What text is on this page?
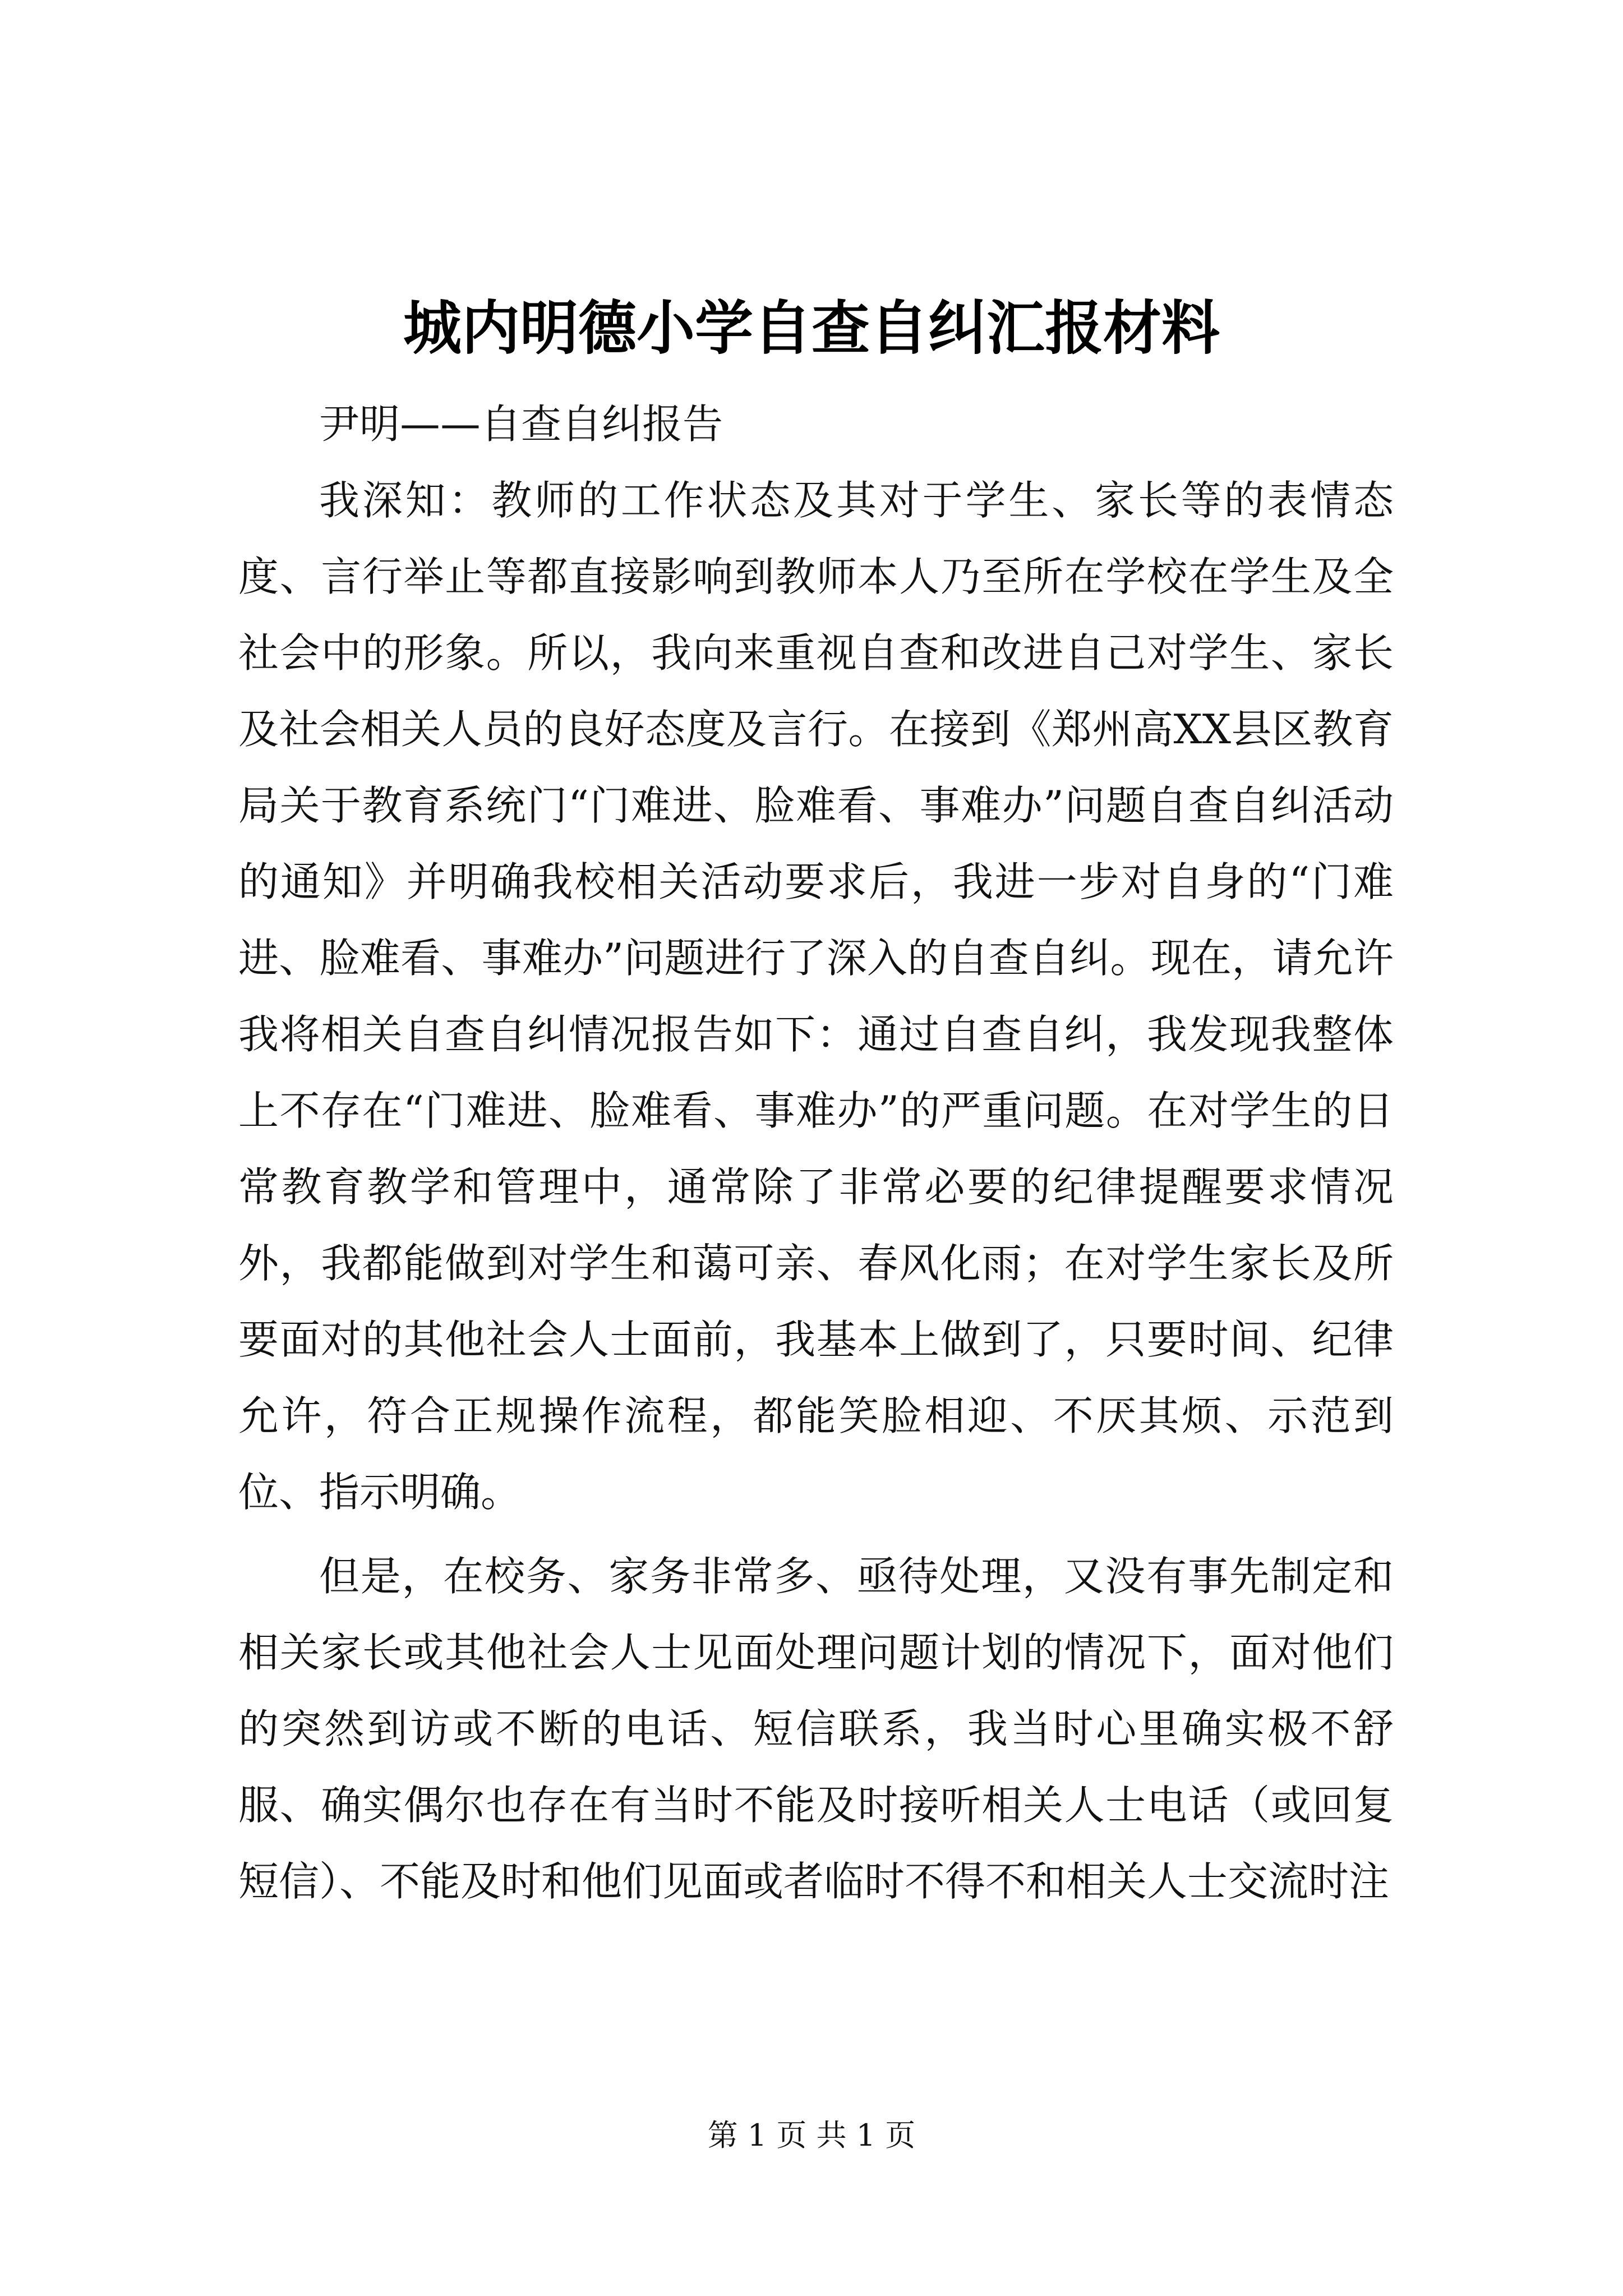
城内明德小学自查自纠汇报材料

尹明——自查自纠报告

我深知：教师的工作状态及其对于学生、家长等的表情态度、言行举止等都直接影响到教师本人乃至所在学校在学生及全社会中的形象。所以，我向来重视自查和改进自己对学生、家长及社会相关人员的良好态度及言行。在接到《郑州高XX县区教育局关于教育系统门“门难进、脸难看、事难办”问题自查自纠活动的通知》并明确我校相关活动要求后，我进一步对自身的“门难进、脸难看、事难办”问题进行了深入的自查自纠。现在，请允许我将相关自查自纠情况报告如下：通过自查自纠，我发现我整体上不存在“门难进、脸难看、事难办”的严重问题。在对学生的日常教育教学和管理中，通常除了非常必要的纪律提醒要求情况外，我都能做到对学生和蔼可亲、春风化雨；在对学生家长及所要面对的其他社会人士面前，我基本上做到了，只要时间、纪律允许，符合正规操作流程，都能笑脸相迎、不厌其烦、示范到位、指示明确。

但是，在校务、家务非常多、亟待处理，又没有事先制定和相关家长或其他社会人士见面处理问题计划的情况下，面对他们的突然到访或不断的电话、短信联系，我当时心里确实极不舒服、确实偶尔也存在有当时不能及时接听相关人士电话（或回复短信）、不能及时和他们见面或者临时不得不和相关人士交流时注

第 1 页 共 1 页
